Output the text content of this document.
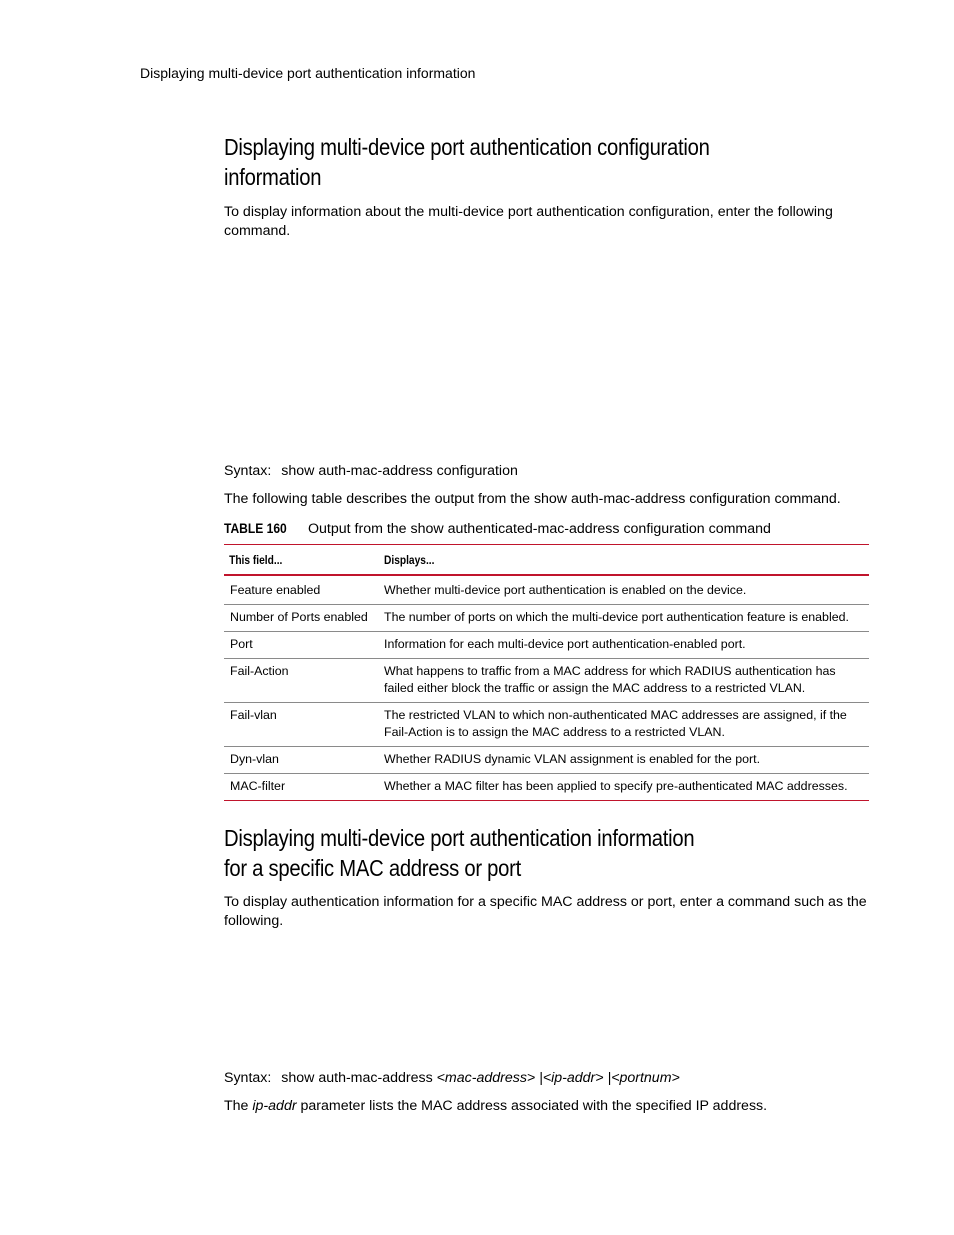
Displaying multi-device port authentication information
Displaying multi-device port authentication configuration
information
To display information about the multi-device port authentication configuration, enter the following command.
Syntax: show auth-mac-address configuration
The following table describes the output from the show auth-mac-address configuration command.
TABLE 160 Output from the show authenticated-mac-address configuration command
This field...	Displays...
Feature enabled	Whether multi-device port authentication is enabled on the device.
Number of Ports enabled	The number of ports on which the multi-device port authentication feature is enabled.
Port	Information for each multi-device port authentication-enabled port.
Fail-Action	What happens to traffic from a MAC address for which RADIUS authentication has failed either block the traffic or assign the MAC address to a restricted VLAN.
Fail-vlan	The restricted VLAN to which non-authenticated MAC addresses are assigned, if the Fail-Action is to assign the MAC address to a restricted VLAN.
Dyn-vlan	Whether RADIUS dynamic VLAN assignment is enabled for the port.
MAC-filter	Whether a MAC filter has been applied to specify pre-authenticated MAC addresses.
Displaying multi-device port authentication information
for a specific MAC address or port
To display authentication information for a specific MAC address or port, enter a command such as the following.
Syntax: show auth-mac-address <mac-address> |<ip-addr> |<portnum>
The ip-addr parameter lists the MAC address associated with the specified IP address.
